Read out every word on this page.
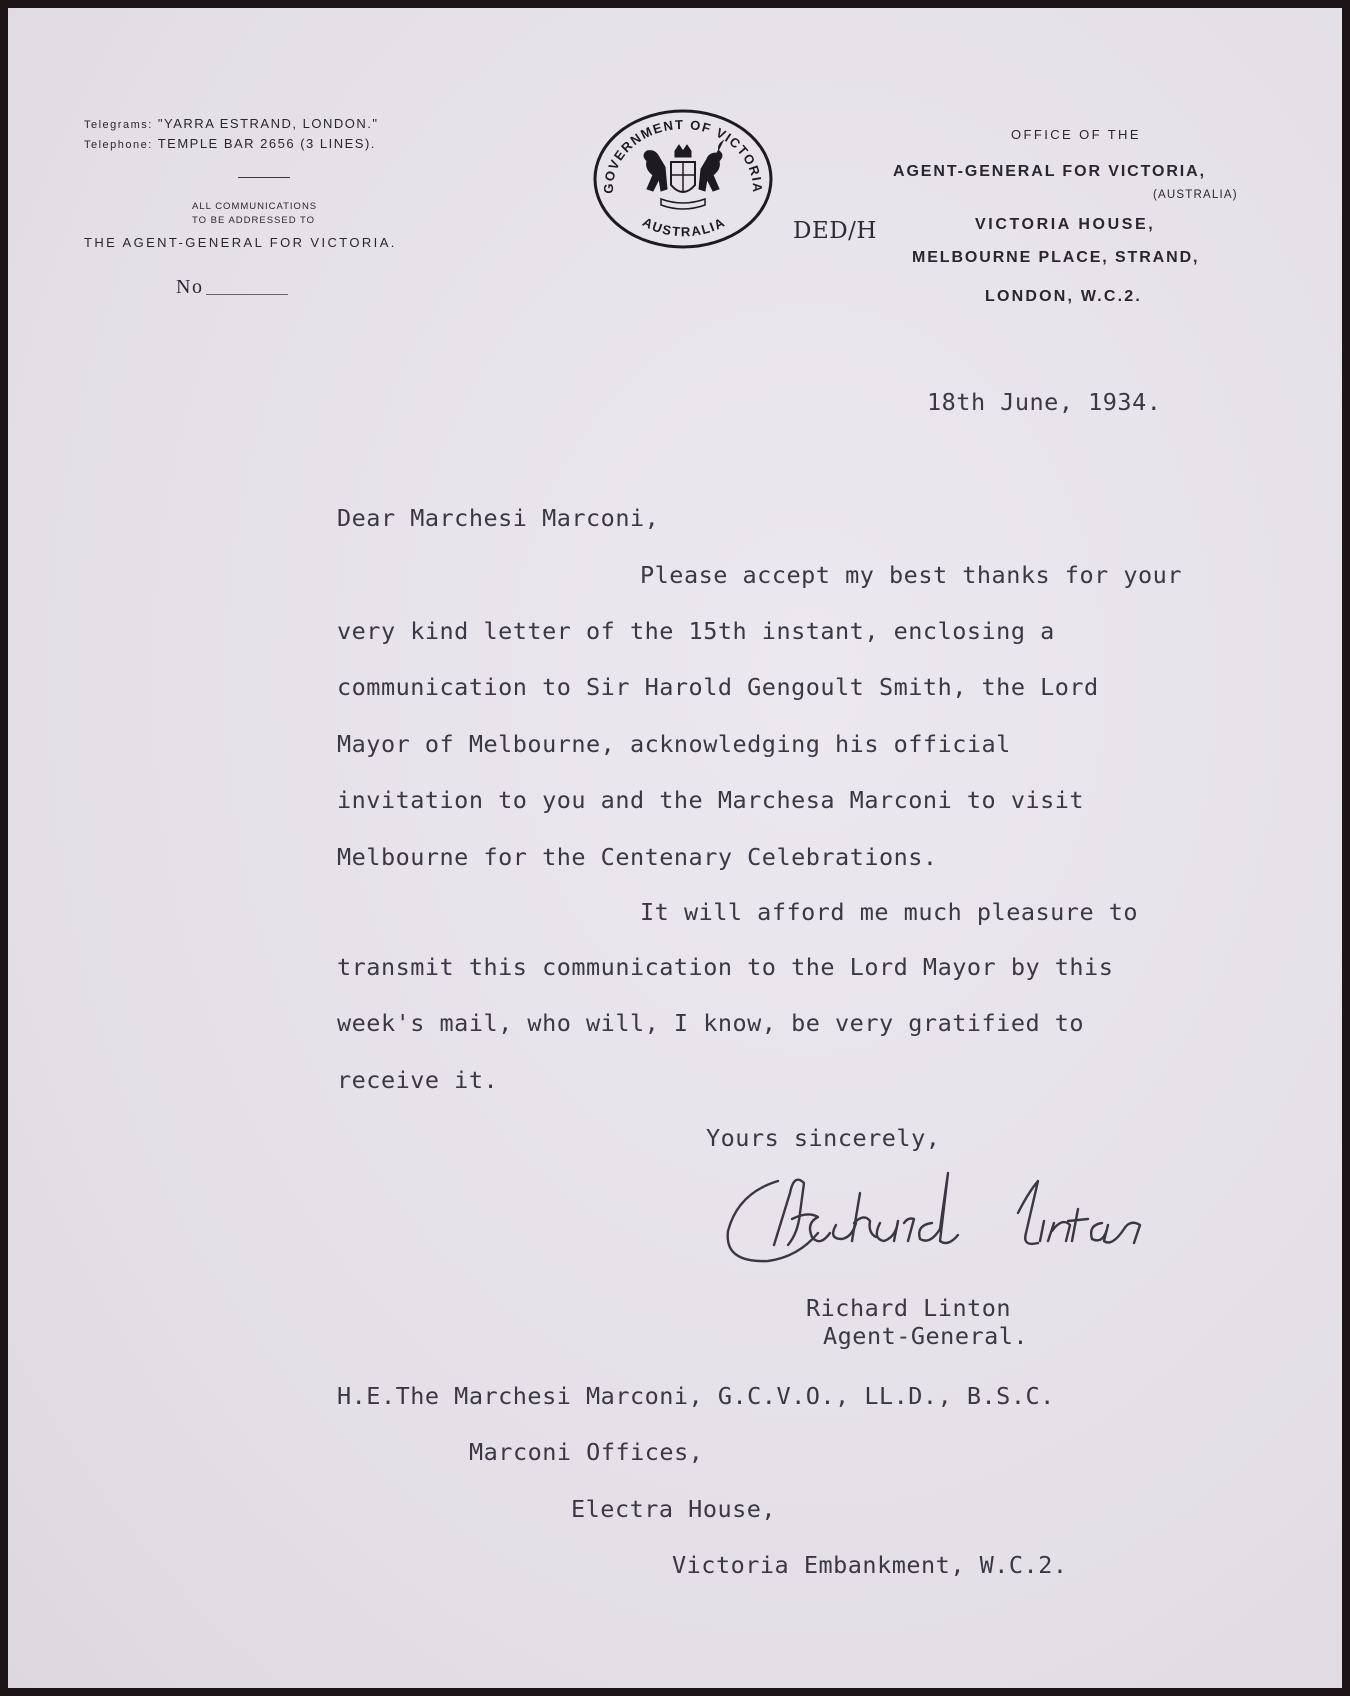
Telegrams: "YARRA ESTRAND, LONDON."
Telephone: TEMPLE BAR 2656 (3 LINES).
ALL COMMUNICATIONS
TO BE ADDRESSED TO
THE AGENT-GENERAL FOR VICTORIA.
No
GOVERNMENT OF VICTORIA
AUSTRALIA	DED/H
OFFICE OF THE
AGENT-GENERAL FOR VICTORIA,
(AUSTRALIA)
VICTORIA HOUSE,
MELBOURNE PLACE, STRAND,
LONDON, W.C.2.
18th June, 1934.
Dear Marchesi Marconi,
Please accept my best thanks for your
very kind letter of the 15th instant, enclosing a
communication to Sir Harold Gengoult Smith, the Lord
Mayor of Melbourne, acknowledging his official
invitation to you and the Marchesa Marconi to visit
Melbourne for the Centenary Celebrations.
It will afford me much pleasure to
transmit this communication to the Lord Mayor by this
week's mail, who will, I know, be very gratified to
receive it.
Yours sincerely,
Richard Linton
Agent-General.
H.E.The Marchesi Marconi, G.C.V.O., LL.D., B.S.C.
Marconi Offices,
Electra House,
Victoria Embankment, W.C.2.
